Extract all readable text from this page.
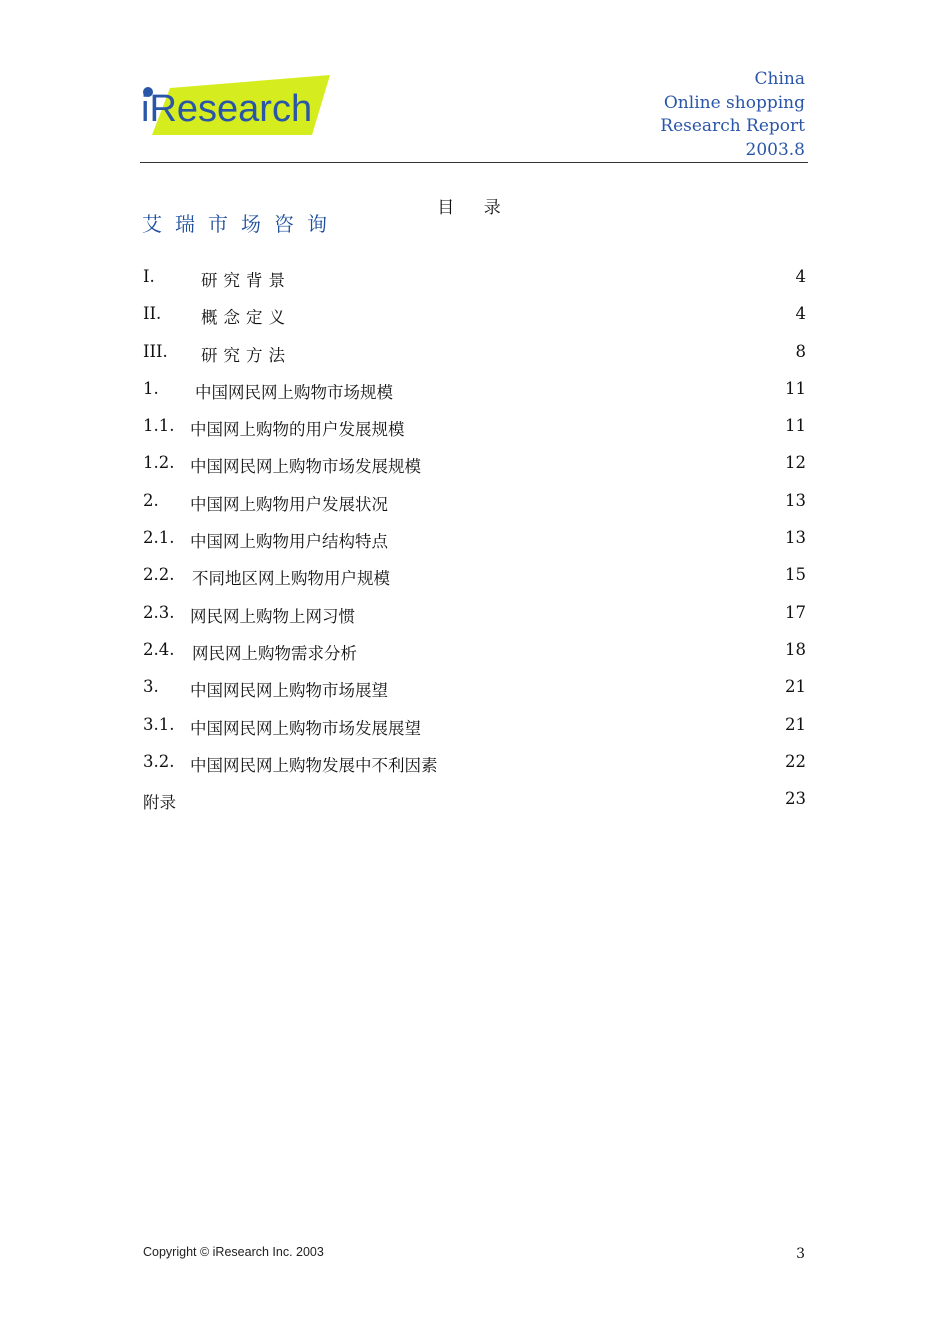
iResearch
艾瑞市场咨询
China
Online shopping
Research Report
2003.8
目 录
I.	研究背景	4
II. 概念定义	4
III. 研究方法	8
1. 中国网民网上购物市场规模	11
1.1. 中国网上购物的用户发展规模	11
1.2. 中国网民网上购物市场发展规模	12
2. 中国网上购物用户发展状况	13
2.1. 中国网上购物用户结构特点	13
2.2. 不同地区网上购物用户规模	15
2.3. 网民网上购物上网习惯	17
2.4. 网民网上购物需求分析	18
3. 中国网民网上购物市场展望	21
3.1. 中国网民网上购物市场发展展望	21
3.2. 中国网民网上购物发展中不利因素	22
附录	23
Copyright © iResearch Inc. 2003	3
